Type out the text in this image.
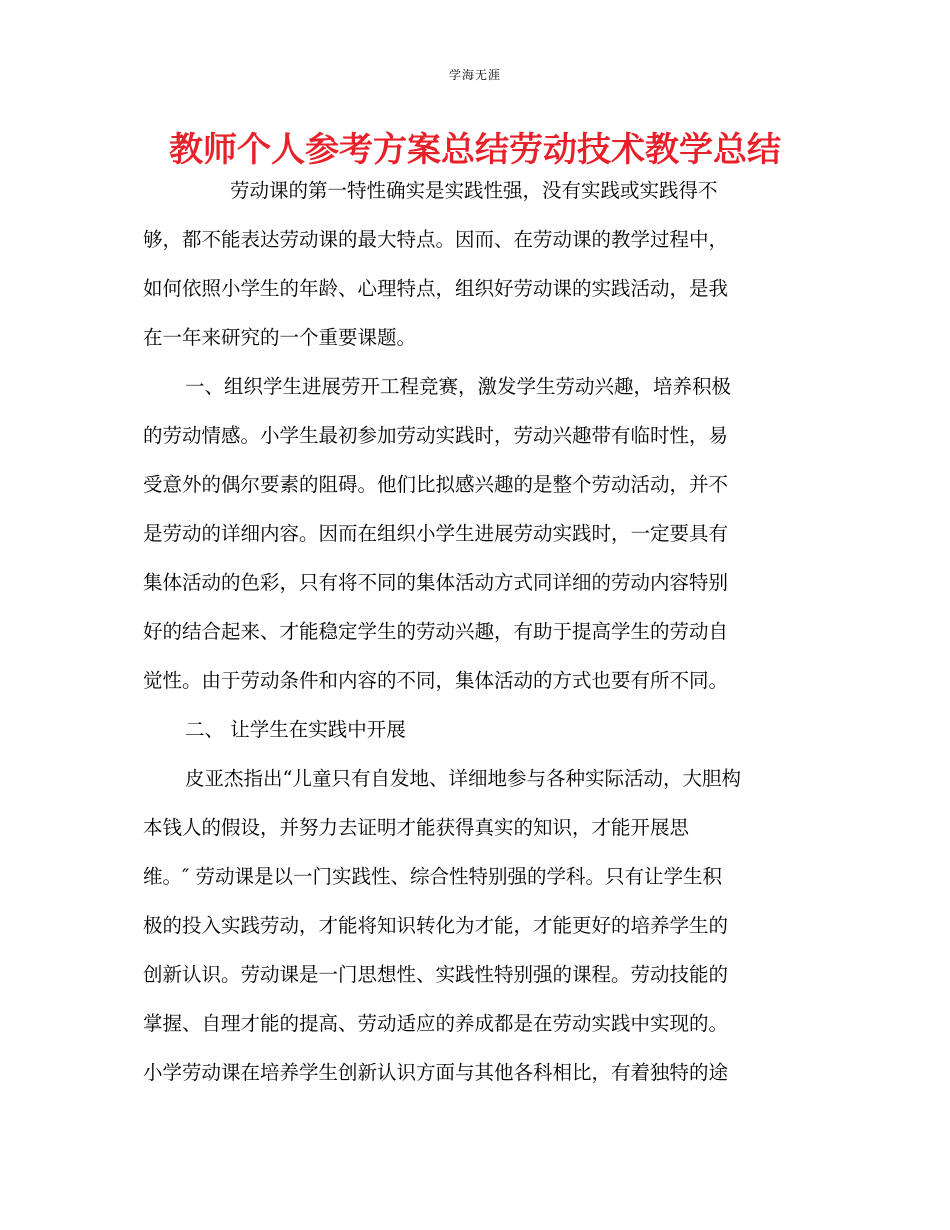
学海无涯
教师个人参考方案总结劳动技术教学总结
劳动课的第一特性确实是实践性强，没有实践或实践得不
够，都不能表达劳动课的最大特点。因而、在劳动课的教学过程中，
如何依照小学生的年龄、心理特点，组织好劳动课的实践活动，是我
在一年来研究的一个重要课题。
一、组织学生进展劳开工程竞赛，激发学生劳动兴趣，培养积极
的劳动情感。小学生最初参加劳动实践时，劳动兴趣带有临时性，易
受意外的偶尔要素的阻碍。他们比拟感兴趣的是整个劳动活动，并不
是劳动的详细内容。因而在组织小学生进展劳动实践时，一定要具有
集体活动的色彩，只有将不同的集体活动方式同详细的劳动内容特别
好的结合起来、才能稳定学生的劳动兴趣，有助于提高学生的劳动自
觉性。由于劳动条件和内容的不同，集体活动的方式也要有所不同。
二、 让学生在实践中开展
皮亚杰指出“儿童只有自发地、详细地参与各种实际活动，大胆构
本钱人的假设，并努力去证明才能获得真实的知识，才能开展思
维。″ 劳动课是以一门实践性、综合性特别强的学科。只有让学生积
极的投入实践劳动，才能将知识转化为才能，才能更好的培养学生的
创新认识。劳动课是一门思想性、实践性特别强的课程。劳动技能的
掌握、自理才能的提高、劳动适应的养成都是在劳动实践中实现的。
小学劳动课在培养学生创新认识方面与其他各科相比，有着独特的途
